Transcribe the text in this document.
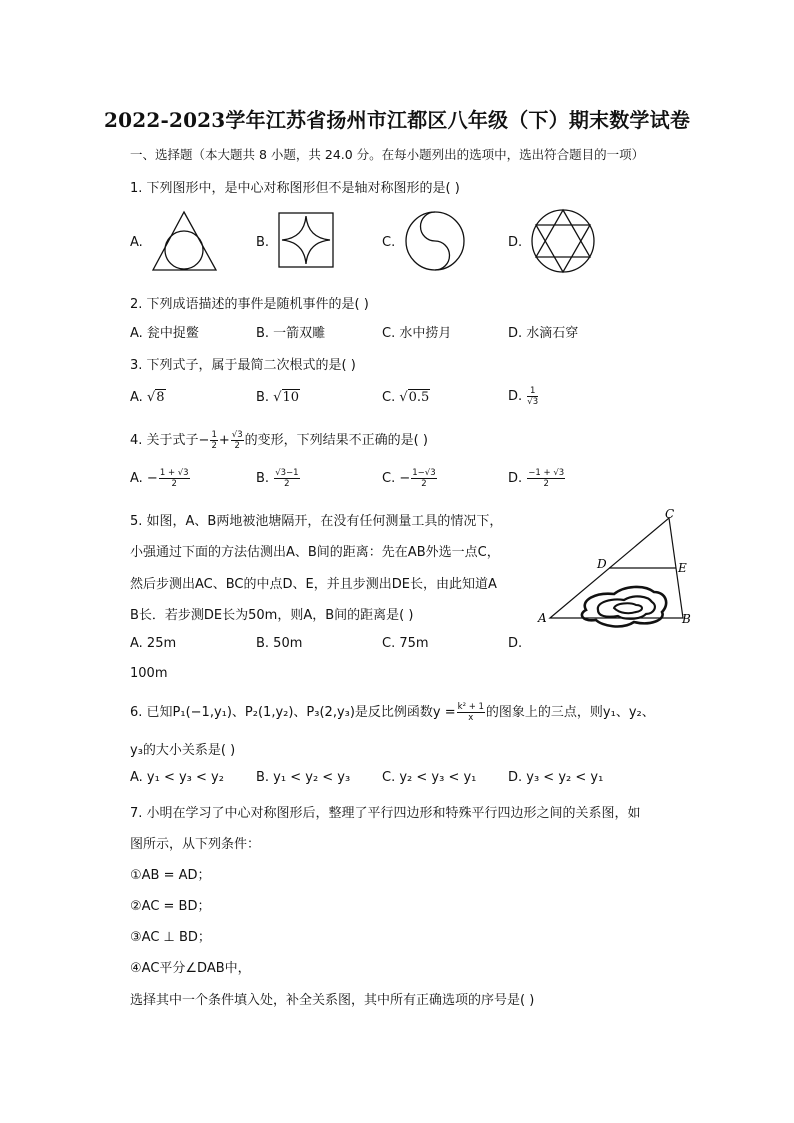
2022-2023学年江苏省扬州市江都区八年级（下）期末数学试卷
一、选择题（本大题共 8 小题，共 24.0 分。在每小题列出的选项中，选出符合题目的一项）
1. 下列图形中，是中心对称图形但不是轴对称图形的是( )
A.	B.	C.	D.
2. 下列成语描述的事件是随机事件的是( )
A. 瓮中捉鳖	B. 一箭双雕	C. 水中捞月	D. 水滴石穿
3. 下列式子，属于最简二次根式的是( )
A. √8	B. √10	C. √0.5	D. $\frac{1}{√3}$
4. 关于式子− $\frac{1}{2} + \frac{√3}{2}$ 的变形，下列结果不正确的是( )
A. − $\frac{1 + √3}{2}$	B. $\frac{√3-1}{2}$	C. − $\frac{1-√3}{2}$	D. $\frac{-1 + √3}{2}$
5. 如图，A、B两地被池塘隔开，在没有任何测量工具的情况下，
小强通过下面的方法估测出A、B间的距离：先在AB外选一点C，
然后步测出AC、BC的中点D、E，并且步测出DE长，由此知道A
B长．若步测DE长为50m，则A，B间的距离是( )
A. 25m	B. 50m	C. 75m	D.
100m
C
D	E
A	B
6. 已知P₁(−1,y₁)、P₂(1,y₂)、P₃(2,y₃)是反比例函数$y = \frac{\text{k² + 1}}{x}$ 的图象上的三点，则y₁、y₂、
y₃的大小关系是( )
A. y₁ < y₃ < y₂ B. y₁ < y₂ < y₃ C. y₂ < y₃ < y₁ D. y₃ < y₂ < y₁
7. 小明在学习了中心对称图形后，整理了平行四边形和特殊平行四边形之间的关系图，如
图所示，从下列条件：
①AB = AD；
②AC = BD；
③AC ⊥ BD；
④AC平分∠DAB中，
选择其中一个条件填入处，补全关系图，其中所有正确选项的序号是( )
